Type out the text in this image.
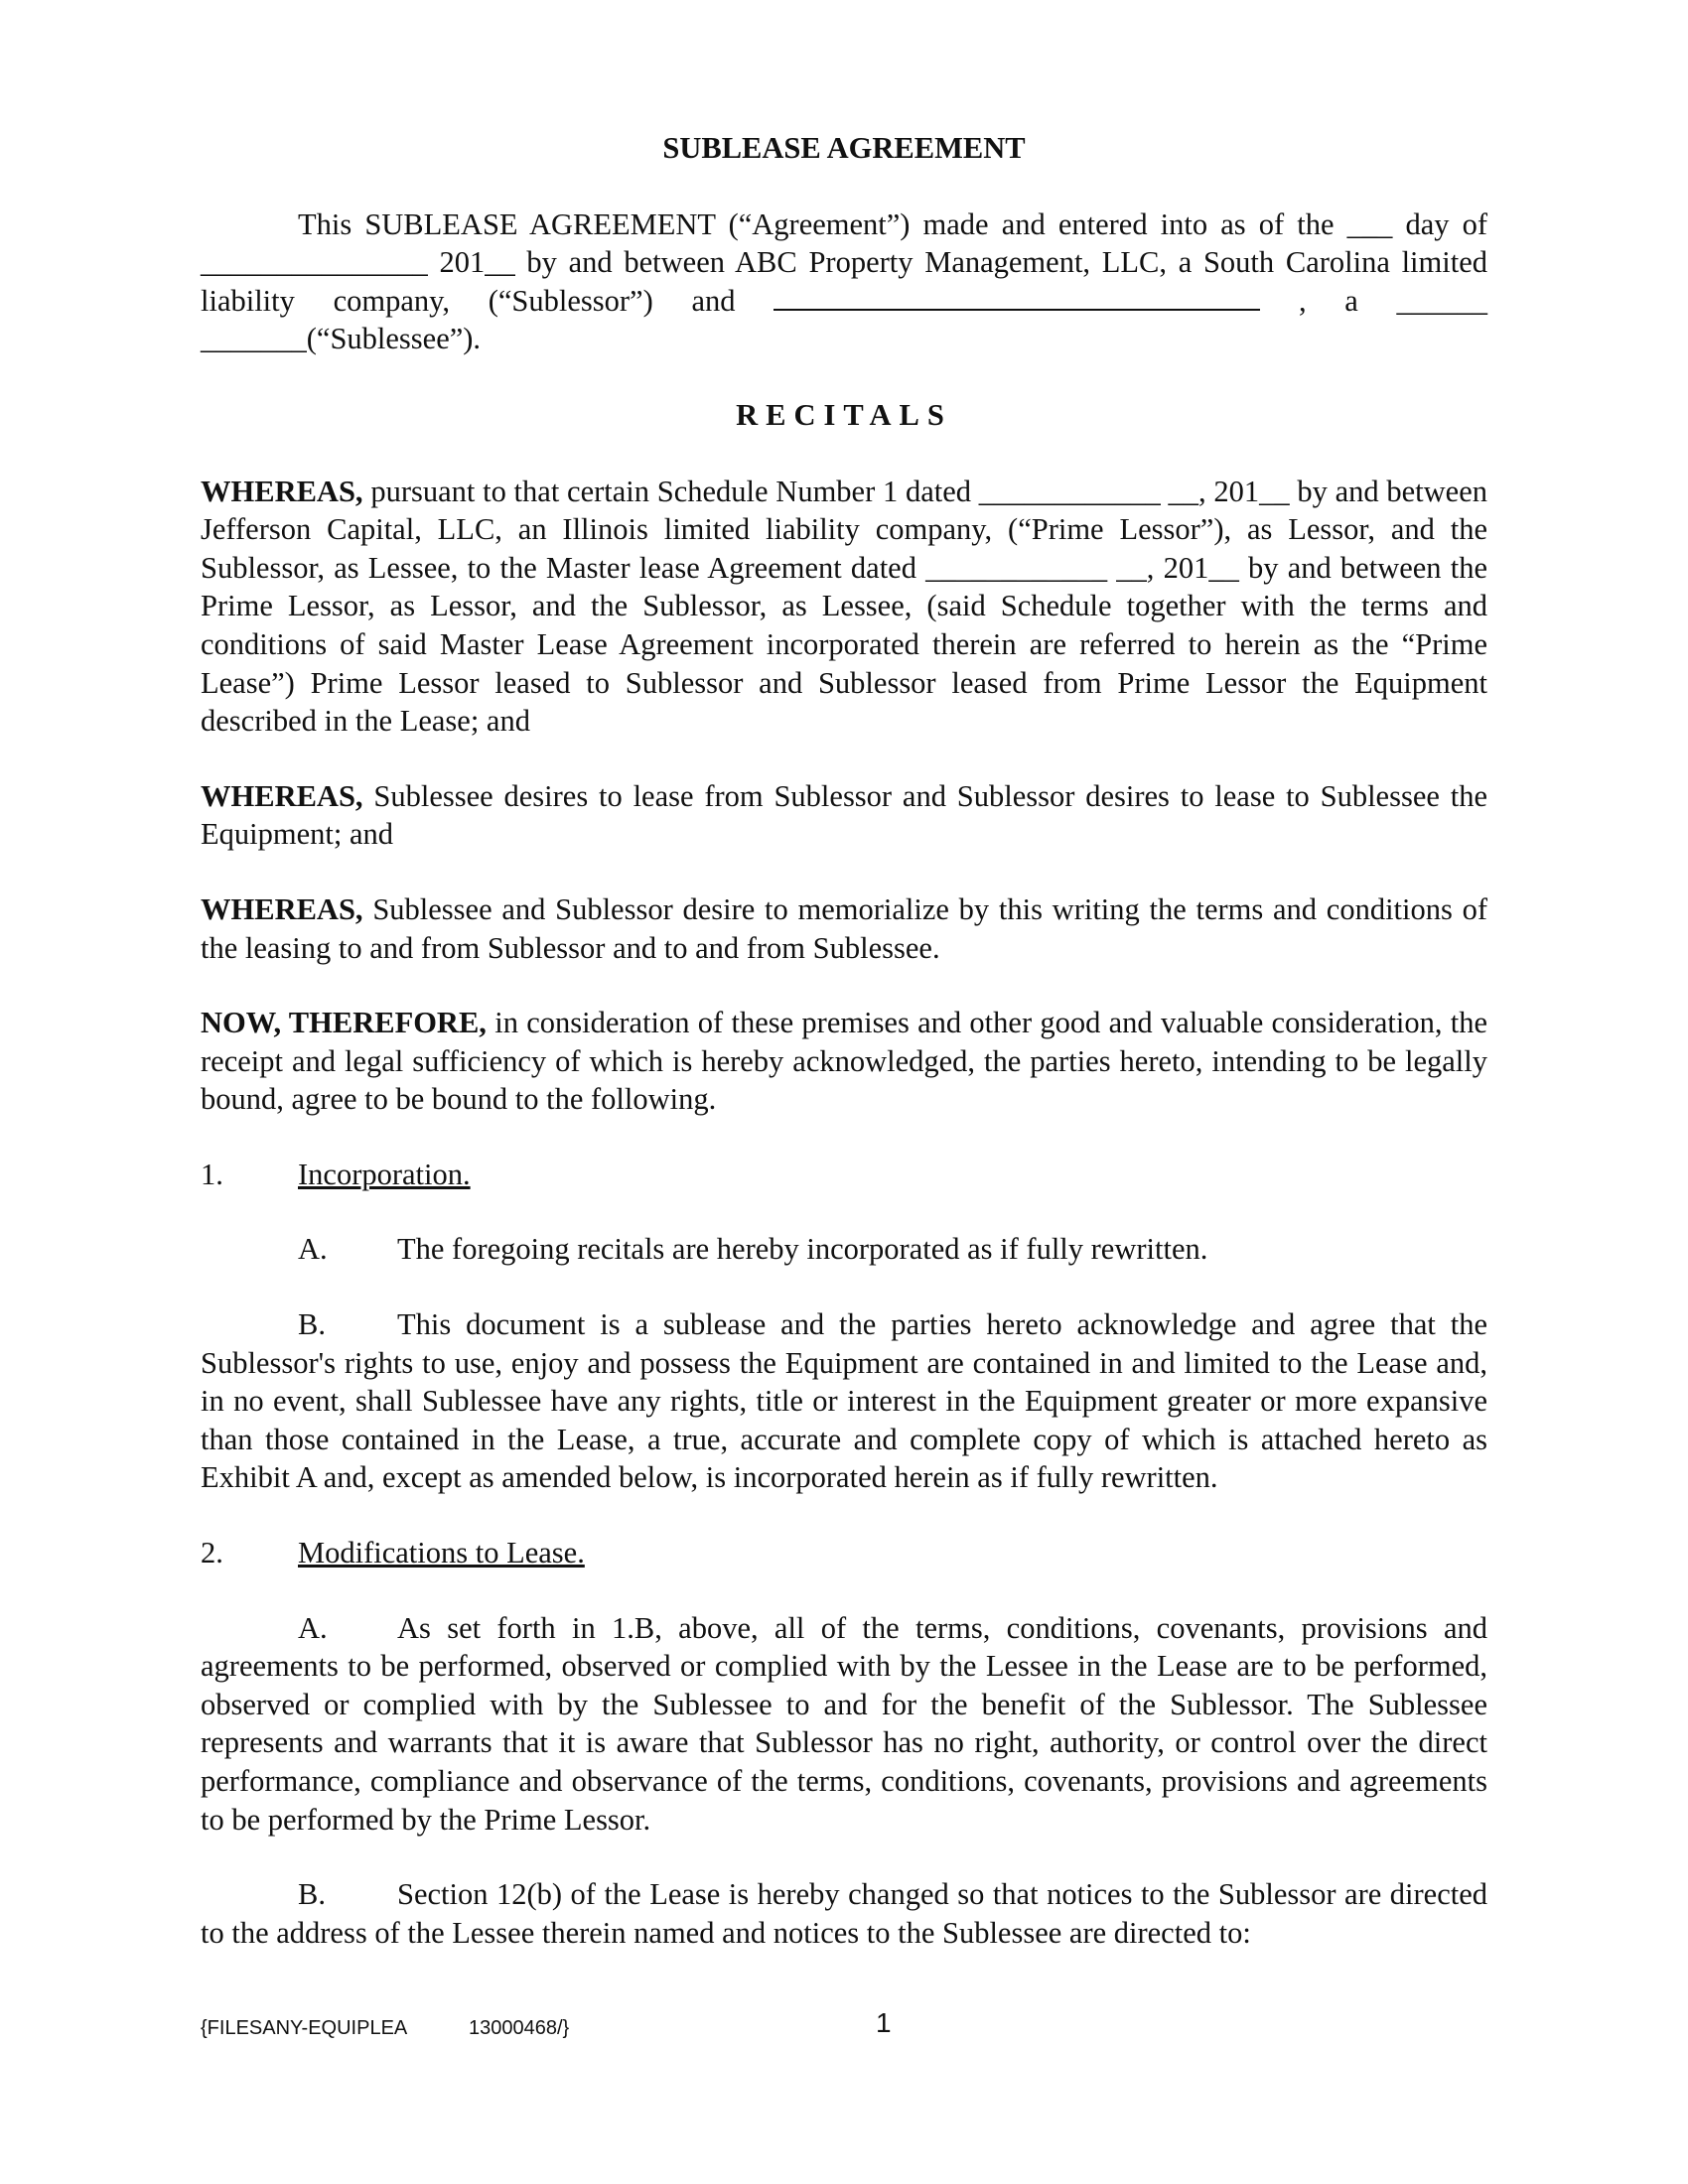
SUBLEASE AGREEMENT

This SUBLEASE AGREEMENT (“Agreement”) made and entered into as of the ___ day of _______________ 201__ by and between ABC Property Management, LLC, a South Carolina limited liability company, (“Sublessor”) and	, a ______ _______(“Sublessee”).

RECITALS

WHEREAS, pursuant to that certain Schedule Number 1 dated ____________ __, 201__ by and between Jefferson Capital, LLC, an Illinois limited liability company, (“Prime Lessor”), as Lessor, and the Sublessor, as Lessee, to the Master lease Agreement dated ____________ __, 201__ by and between the Prime Lessor, as Lessor, and the Sublessor, as Lessee, (said Schedule together with the terms and conditions of said Master Lease Agreement incorporated therein are referred to herein as the “Prime Lease”) Prime Lessor leased to Sublessor and Sublessor leased from Prime Lessor the Equipment described in the Lease; and

WHEREAS, Sublessee desires to lease from Sublessor and Sublessor desires to lease to Sublessee the Equipment; and

WHEREAS, Sublessee and Sublessor desire to memorialize by this writing the terms and conditions of the leasing to and from Sublessor and to and from Sublessee.

NOW, THEREFORE, in consideration of these premises and other good and valuable consideration, the receipt and legal sufficiency of which is hereby acknowledged, the parties hereto, intending to be legally bound, agree to be bound to the following.

1. Incorporation.

A. The foregoing recitals are hereby incorporated as if fully rewritten.

B. This document is a sublease and the parties hereto acknowledge and agree that the Sublessor's rights to use, enjoy and possess the Equipment are contained in and limited to the Lease and, in no event, shall Sublessee have any rights, title or interest in the Equipment greater or more expansive than those contained in the Lease, a true, accurate and complete copy of which is attached hereto as Exhibit A and, except as amended below, is incorporated herein as if fully rewritten.

2. Modifications to Lease.

A. As set forth in 1.B, above, all of the terms, conditions, covenants, provisions and agreements to be performed, observed or complied with by the Lessee in the Lease are to be performed, observed or complied with by the Sublessee to and for the benefit of the Sublessor. The Sublessee represents and warrants that it is aware that Sublessor has no right, authority, or control over the direct performance, compliance and observance of the terms, conditions, covenants, provisions and agreements to be performed by the Prime Lessor.

B. Section 12(b) of the Lease is hereby changed so that notices to the Sublessor are directed to the address of the Lessee therein named and notices to the Sublessee are directed to:

{FILESANY-EQUIPLEA	13000468/}	1
